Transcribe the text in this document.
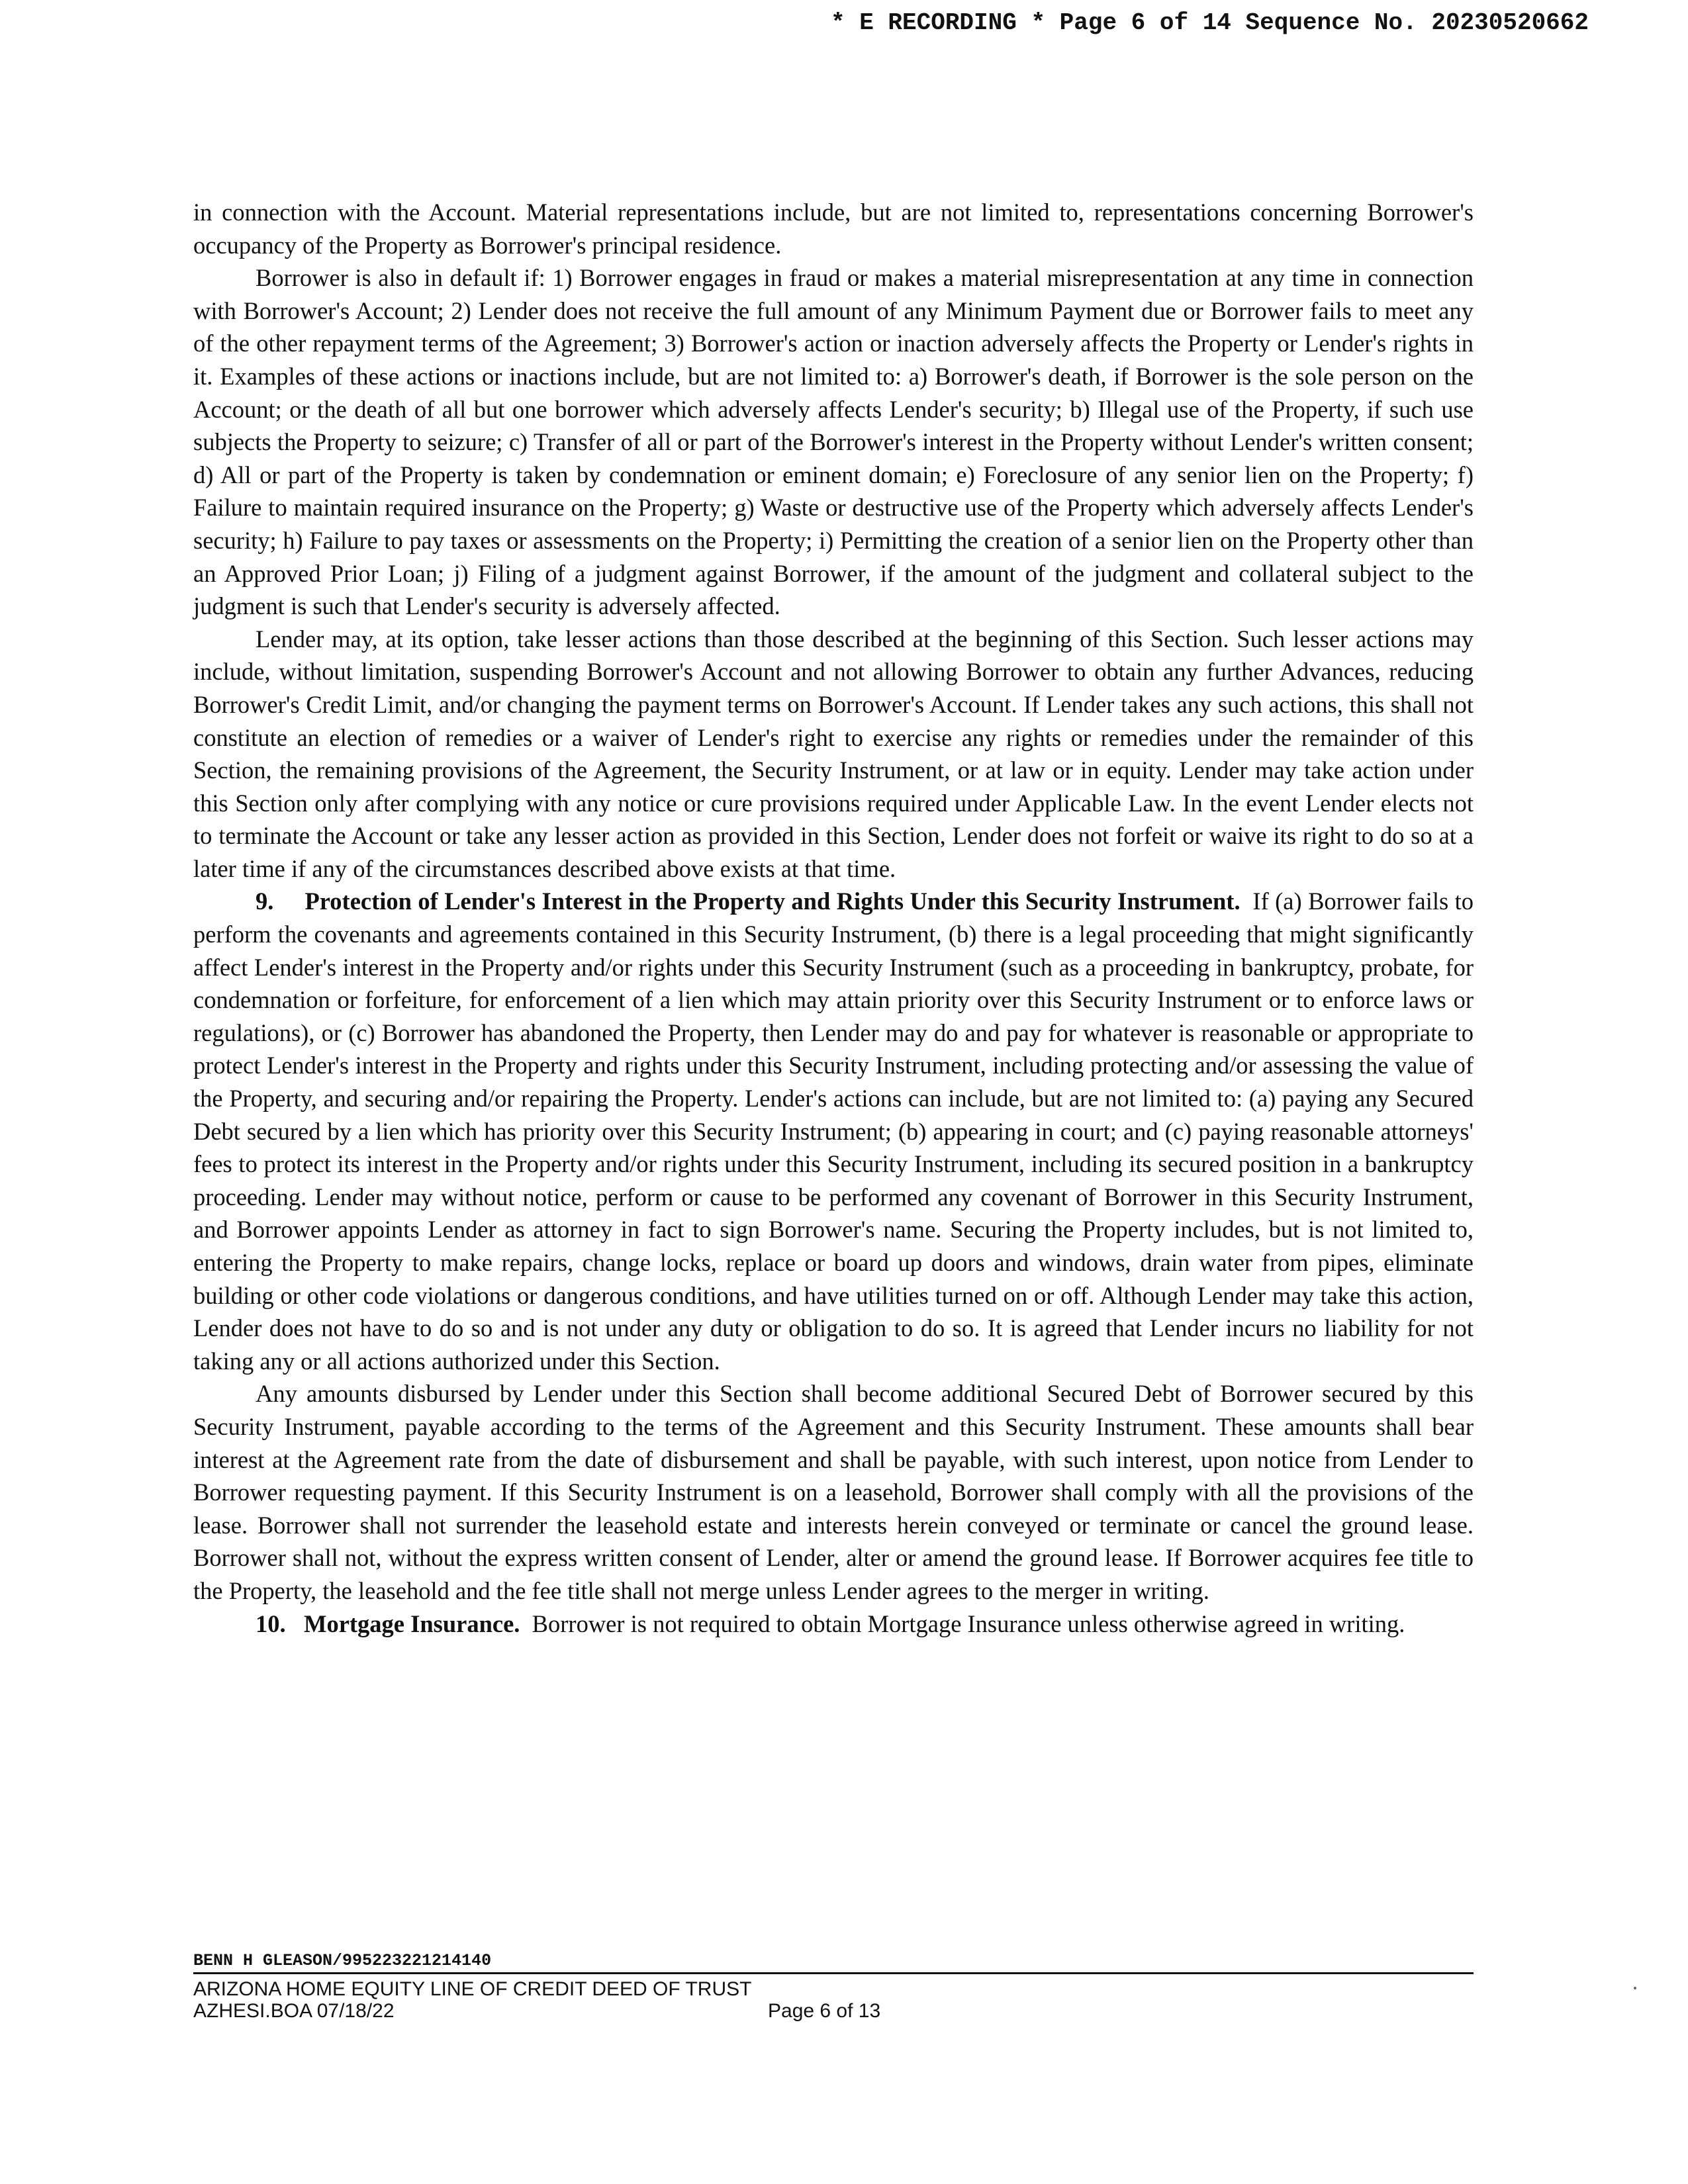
* E RECORDING * Page 6 of 14 Sequence No. 20230520662

in connection with the Account. Material representations include, but are not limited to, representations concerning Borrower's occupancy of the Property as Borrower's principal residence.

Borrower is also in default if: 1) Borrower engages in fraud or makes a material misrepresentation at any time in connection with Borrower's Account; 2) Lender does not receive the full amount of any Minimum Payment due or Borrower fails to meet any of the other repayment terms of the Agreement; 3) Borrower's action or inaction adversely affects the Property or Lender's rights in it. Examples of these actions or inactions include, but are not limited to: a) Borrower's death, if Borrower is the sole person on the Account; or the death of all but one borrower which adversely affects Lender's security; b) Illegal use of the Property, if such use subjects the Property to seizure; c) Transfer of all or part of the Borrower's interest in the Property without Lender's written consent; d) All or part of the Property is taken by condemnation or eminent domain; e) Foreclosure of any senior lien on the Property; f) Failure to maintain required insurance on the Property; g) Waste or destructive use of the Property which adversely affects Lender's security; h) Failure to pay taxes or assessments on the Property; i) Permitting the creation of a senior lien on the Property other than an Approved Prior Loan; j) Filing of a judgment against Borrower, if the amount of the judgment and collateral subject to the judgment is such that Lender's security is adversely affected.

Lender may, at its option, take lesser actions than those described at the beginning of this Section. Such lesser actions may include, without limitation, suspending Borrower's Account and not allowing Borrower to obtain any further Advances, reducing Borrower's Credit Limit, and/or changing the payment terms on Borrower's Account. If Lender takes any such actions, this shall not constitute an election of remedies or a waiver of Lender's right to exercise any rights or remedies under the remainder of this Section, the remaining provisions of the Agreement, the Security Instrument, or at law or in equity. Lender may take action under this Section only after complying with any notice or cure provisions required under Applicable Law. In the event Lender elects not to terminate the Account or take any lesser action as provided in this Section, Lender does not forfeit or waive its right to do so at a later time if any of the circumstances described above exists at that time.

9. Protection of Lender's Interest in the Property and Rights Under this Security Instrument. If (a) Borrower fails to perform the covenants and agreements contained in this Security Instrument, (b) there is a legal proceeding that might significantly affect Lender's interest in the Property and/or rights under this Security Instrument (such as a proceeding in bankruptcy, probate, for condemnation or forfeiture, for enforcement of a lien which may attain priority over this Security Instrument or to enforce laws or regulations), or (c) Borrower has abandoned the Property, then Lender may do and pay for whatever is reasonable or appropriate to protect Lender's interest in the Property and rights under this Security Instrument, including protecting and/or assessing the value of the Property, and securing and/or repairing the Property. Lender's actions can include, but are not limited to: (a) paying any Secured Debt secured by a lien which has priority over this Security Instrument; (b) appearing in court; and (c) paying reasonable attorneys' fees to protect its interest in the Property and/or rights under this Security Instrument, including its secured position in a bankruptcy proceeding. Lender may without notice, perform or cause to be performed any covenant of Borrower in this Security Instrument, and Borrower appoints Lender as attorney in fact to sign Borrower's name. Securing the Property includes, but is not limited to, entering the Property to make repairs, change locks, replace or board up doors and windows, drain water from pipes, eliminate building or other code violations or dangerous conditions, and have utilities turned on or off. Although Lender may take this action, Lender does not have to do so and is not under any duty or obligation to do so. It is agreed that Lender incurs no liability for not taking any or all actions authorized under this Section.

Any amounts disbursed by Lender under this Section shall become additional Secured Debt of Borrower secured by this Security Instrument, payable according to the terms of the Agreement and this Security Instrument. These amounts shall bear interest at the Agreement rate from the date of disbursement and shall be payable, with such interest, upon notice from Lender to Borrower requesting payment. If this Security Instrument is on a leasehold, Borrower shall comply with all the provisions of the lease. Borrower shall not surrender the leasehold estate and interests herein conveyed or terminate or cancel the ground lease. Borrower shall not, without the express written consent of Lender, alter or amend the ground lease. If Borrower acquires fee title to the Property, the leasehold and the fee title shall not merge unless Lender agrees to the merger in writing.

10. Mortgage Insurance. Borrower is not required to obtain Mortgage Insurance unless otherwise agreed in writing.

BENN H GLEASON/995223221214140
ARIZONA HOME EQUITY LINE OF CREDIT DEED OF TRUST
AZHESI.BOA 07/18/22	Page 6 of 13
